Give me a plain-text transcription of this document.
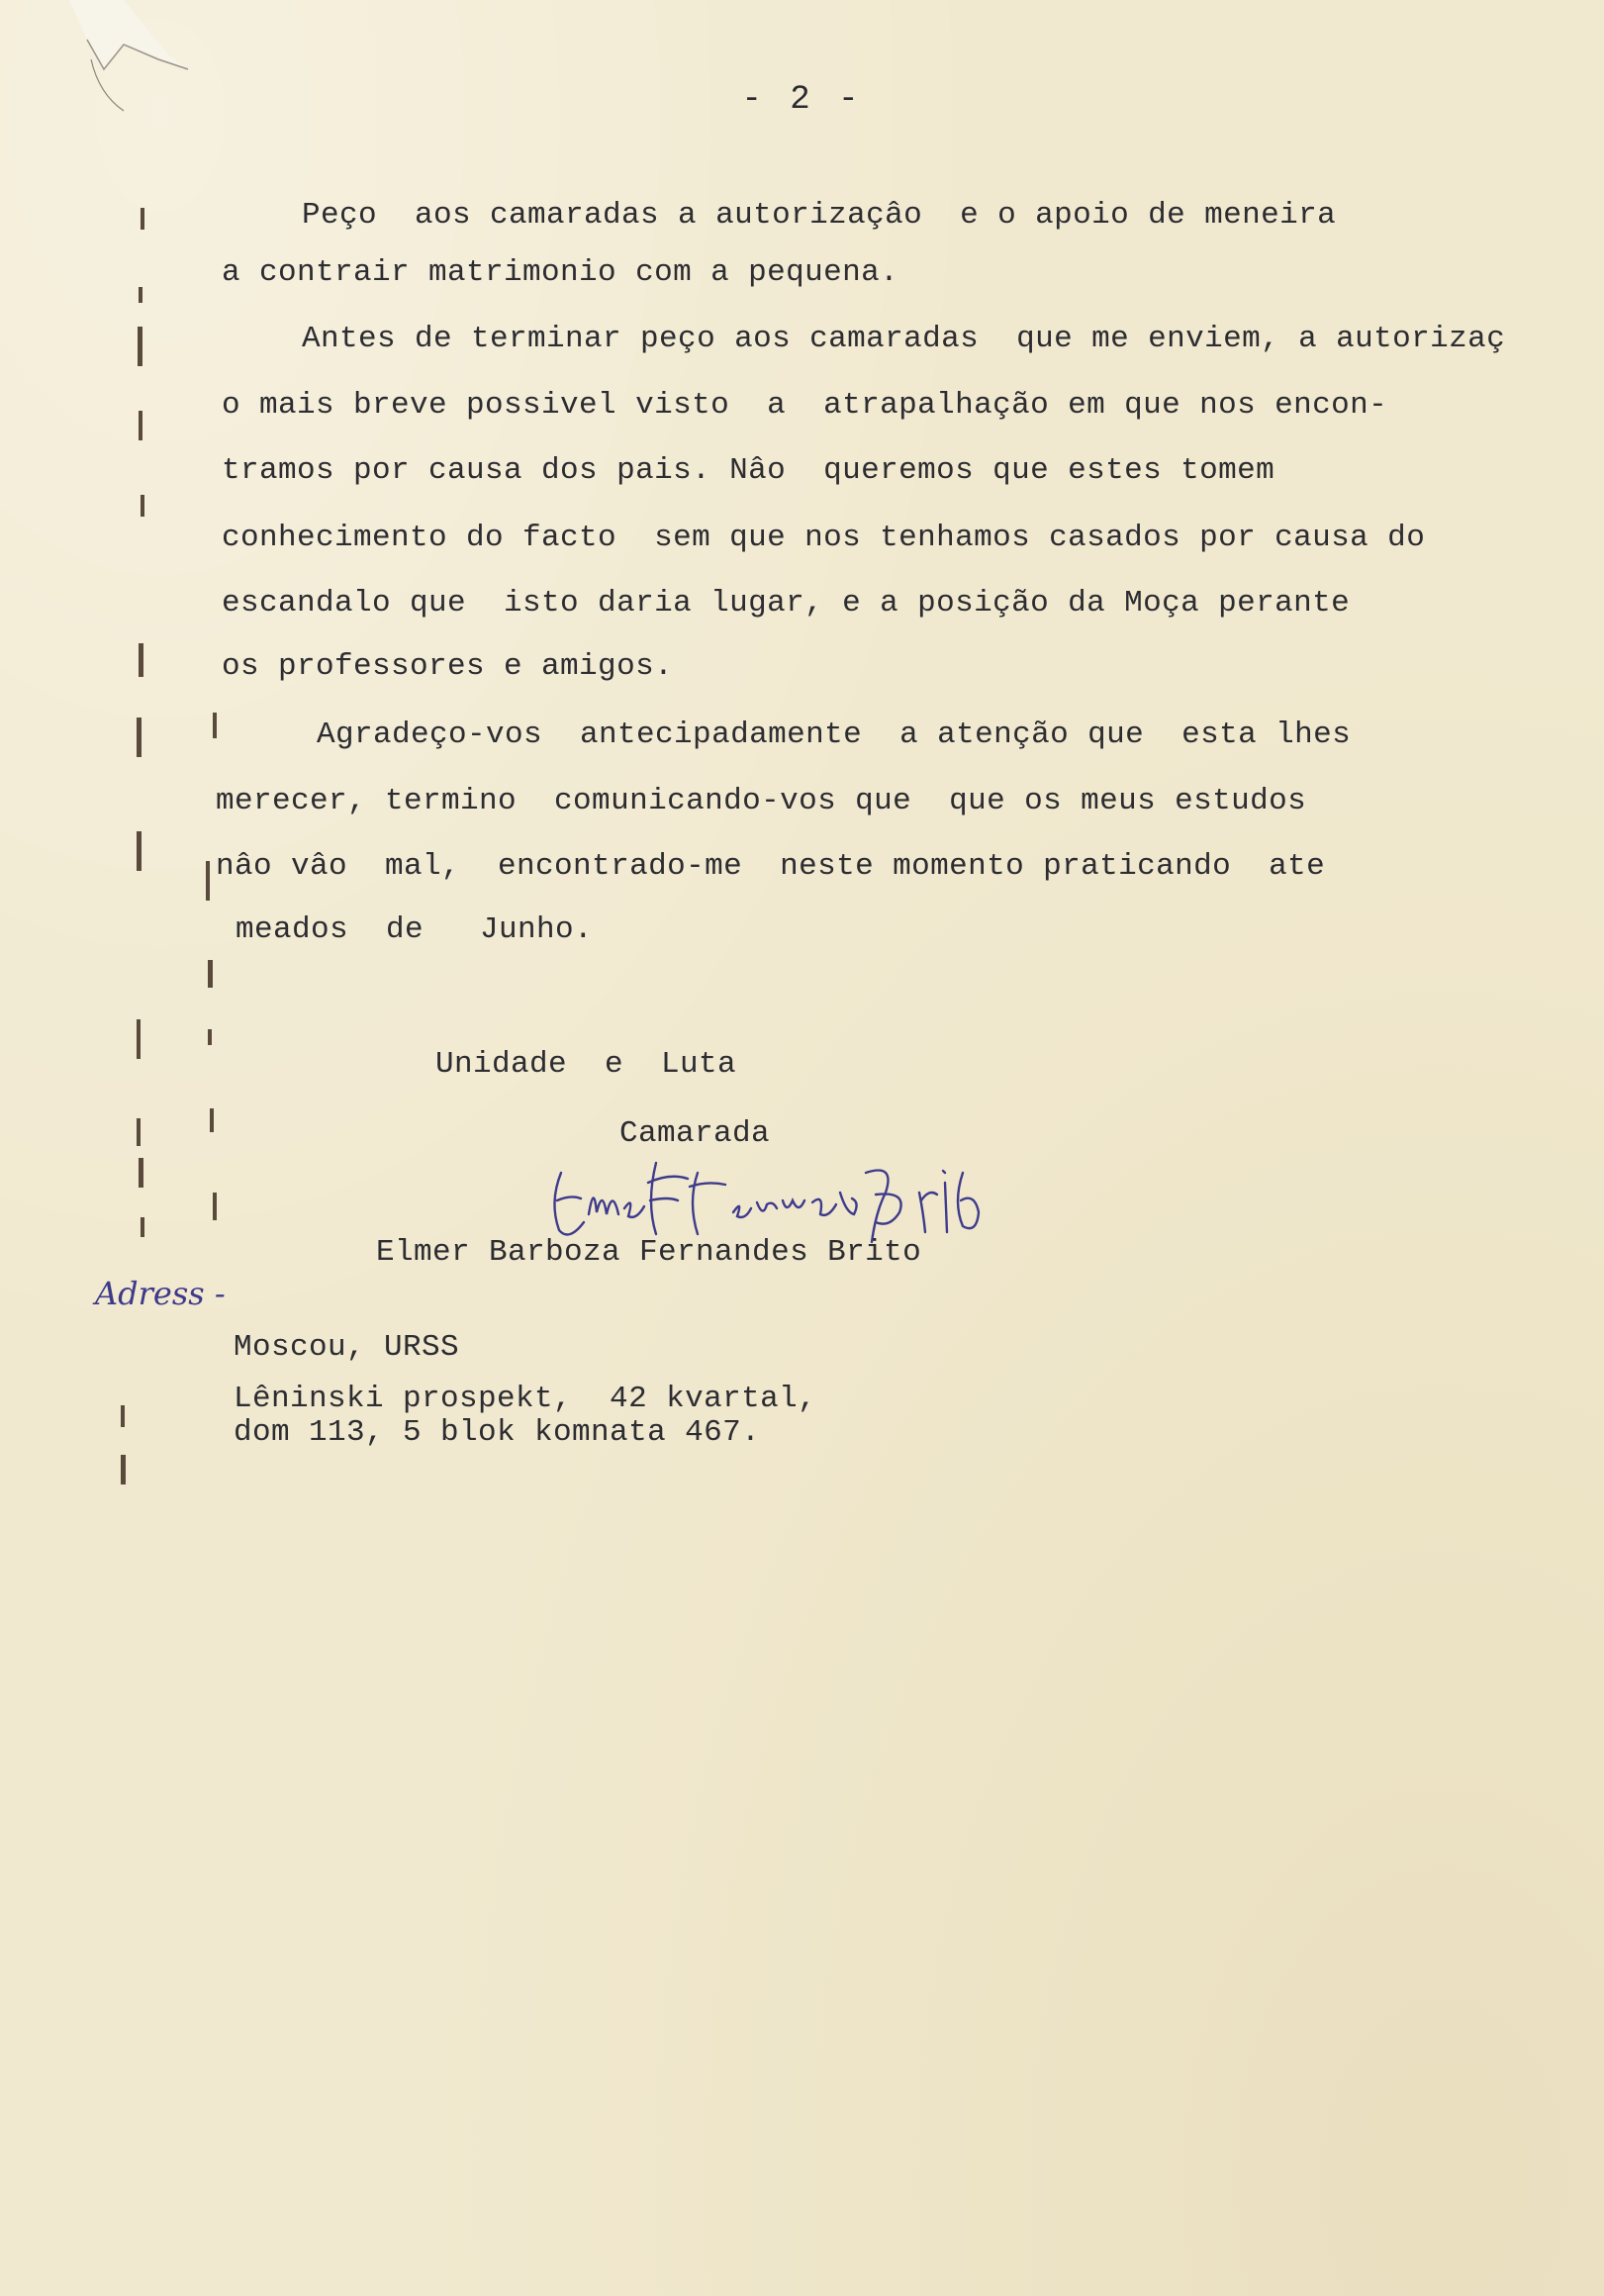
- 2 -
Peço  aos camaradas a autorizaçâo  e o apoio de meneira
a contrair matrimonio com a pequena.
Antes de terminar peço aos camaradas  que me enviem, a autorizaç
o mais breve possivel visto  a  atrapalhação em que nos encon-
tramos por causa dos pais. Nâo  queremos que estes tomem
conhecimento do facto  sem que nos tenhamos casados por causa do
escandalo que  isto daria lugar, e a posição da Moça perante
os professores e amigos.
Agradeço-vos  antecipadamente  a atenção que  esta lhes
merecer, termino  comunicando-vos que  que os meus estudos
nâo vâo  mal,  encontrado-me  neste momento praticando  ate
meados  de   Junho.
Unidade  e  Luta
Camarada
Elmer Barboza Fernandes Brito
Adress -
Moscou, URSS
Lêninski prospekt,  42 kvartal,
dom 113, 5 blok komnata 467.
